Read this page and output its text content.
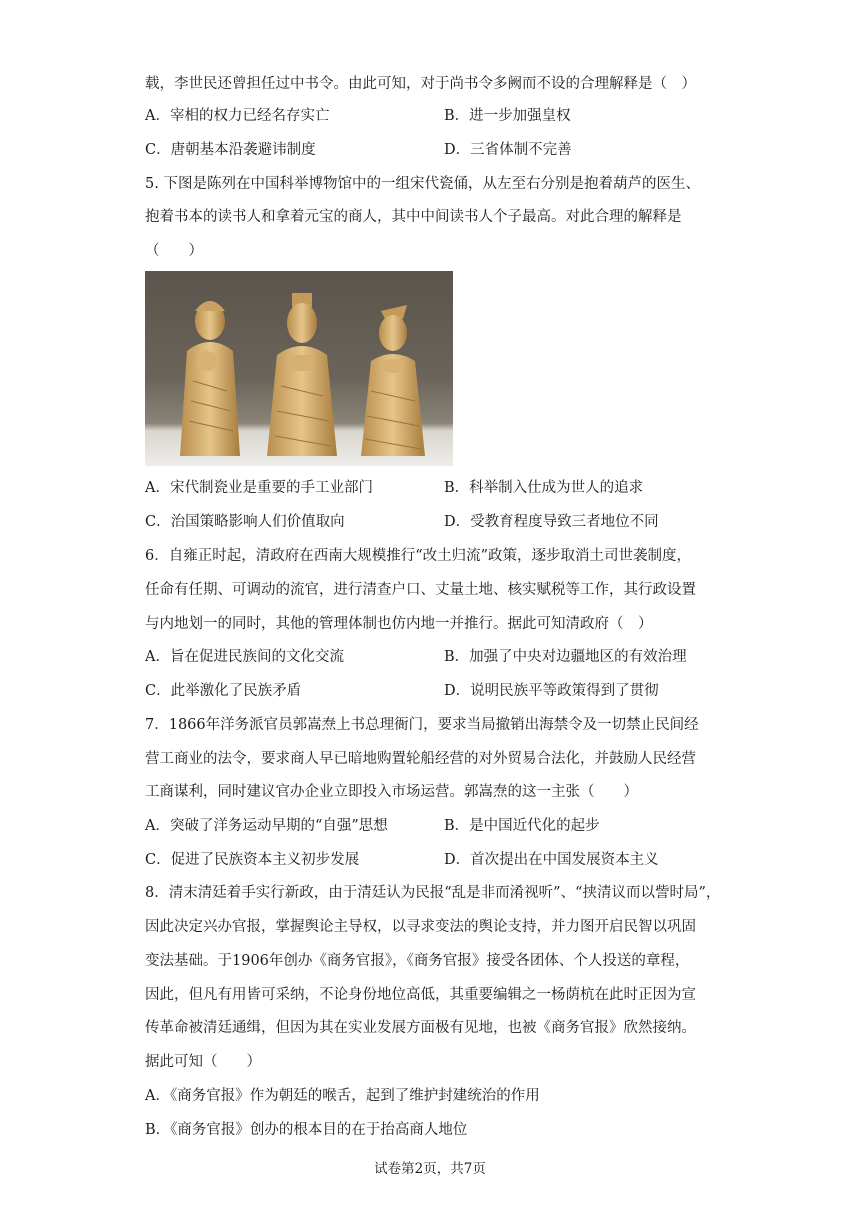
载，李世民还曾担任过中书令。由此可知，对于尚书令多阙而不设的合理解释是（　）
A．宰相的权力已经名存实亡	B．进一步加强皇权
C．唐朝基本沿袭避讳制度	D．三省体制不完善
5. 下图是陈列在中国科举博物馆中的一组宋代瓷俑，从左至右分别是抱着葫芦的医生、
抱着书本的读书人和拿着元宝的商人，其中中间读书人个子最高。对此合理的解释是
（　　）
A．宋代制瓷业是重要的手工业部门	B．科举制入仕成为世人的追求
C．治国策略影响人们价值取向	D．受教育程度导致三者地位不同
6．自雍正时起，清政府在西南大规模推行“改土归流”政策，逐步取消土司世袭制度，
任命有任期、可调动的流官，进行清查户口、丈量土地、核实赋税等工作，其行政设置
与内地划一的同时，其他的管理体制也仿内地一并推行。据此可知清政府（　）
A．旨在促进民族间的文化交流	B．加强了中央对边疆地区的有效治理
C．此举激化了民族矛盾	D．说明民族平等政策得到了贯彻
7．1866年洋务派官员郭嵩焘上书总理衙门，要求当局撤销出海禁令及一切禁止民间经
营工商业的法令，要求商人早已暗地购置轮船经营的对外贸易合法化，并鼓励人民经营
工商谋利，同时建议官办企业立即投入市场运营。郭嵩焘的这一主张（　　）
A．突破了洋务运动早期的“自强”思想	B．是中国近代化的起步
C．促进了民族资本主义初步发展	D．首次提出在中国发展资本主义
8．清末清廷着手实行新政，由于清廷认为民报“乱是非而淆视听”、“挟清议而以訾时局”，
因此决定兴办官报，掌握舆论主导权，以寻求变法的舆论支持，并力图开启民智以巩固
变法基础。于1906年创办《商务官报》，《商务官报》接受各团体、个人投送的章程，
因此，但凡有用皆可采纳，不论身份地位高低，其重要编辑之一杨荫杭在此时正因为宣
传革命被清廷通缉，但因为其在实业发展方面极有见地，也被《商务官报》欣然接纳。
据此可知（　　）
A．《商务官报》作为朝廷的喉舌，起到了维护封建统治的作用
B．《商务官报》创办的根本目的在于抬高商人地位
试卷第2页，共7页
